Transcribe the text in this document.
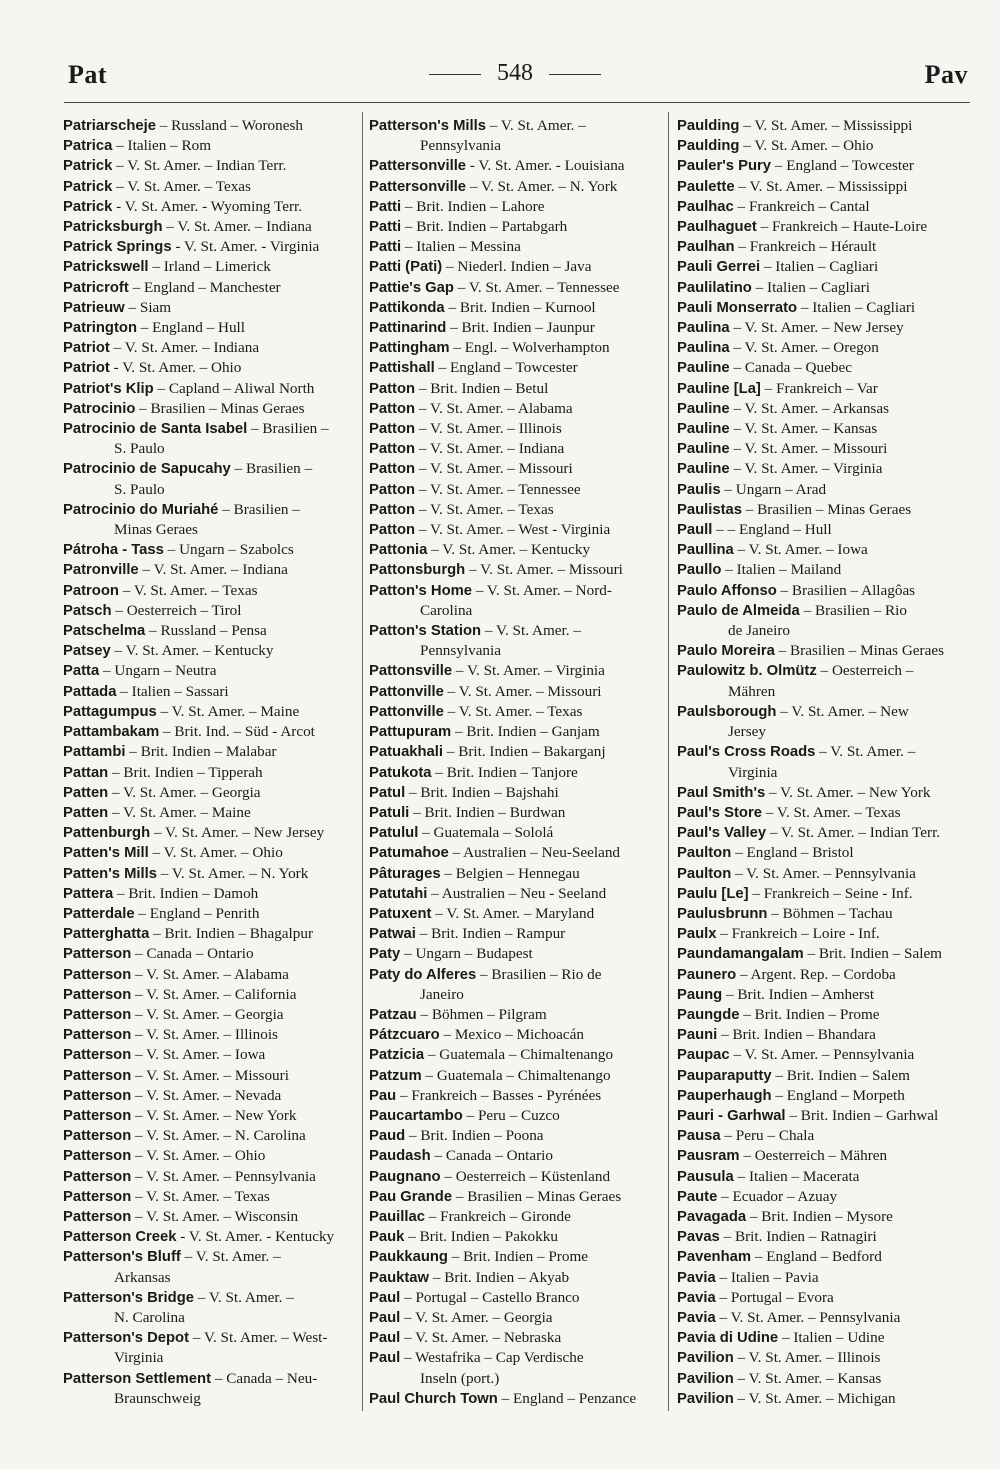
Pat	548	Pav
Patriarscheje – Russland – Woronesh
Patrica – Italien – Rom
Patrick – V. St. Amer. – Indian Terr.
Patrick – V. St. Amer. – Texas
Patrick - V. St. Amer. - Wyoming Terr.
Patricksburgh – V. St. Amer. – Indiana
Patrick Springs - V. St. Amer. - Virginia
Patrickswell – Irland – Limerick
Patricroft – England – Manchester
Patrieuw – Siam
Patrington – England – Hull
Patriot – V. St. Amer. – Indiana
Patriot - V. St. Amer. – Ohio
Patriot's Klip – Capland – Aliwal North
Patrocinio – Brasilien – Minas Geraes
Patrocinio de Santa Isabel – Brasilien –
S. Paulo
Patrocinio de Sapucahy – Brasilien –
S. Paulo
Patrocinio do Muriahé – Brasilien –
Minas Geraes
Pátroha - Tass – Ungarn – Szabolcs
Patronville – V. St. Amer. – Indiana
Patroon – V. St. Amer. – Texas
Patsch – Oesterreich – Tirol
Patschelma – Russland – Pensa
Patsey – V. St. Amer. – Kentucky
Patta – Ungarn – Neutra
Pattada – Italien – Sassari
Pattagumpus – V. St. Amer. – Maine
Pattambakam – Brit. Ind. – Süd - Arcot
Pattambi – Brit. Indien – Malabar
Pattan – Brit. Indien – Tipperah
Patten – V. St. Amer. – Georgia
Patten – V. St. Amer. – Maine
Pattenburgh – V. St. Amer. – New Jersey
Patten's Mill – V. St. Amer. – Ohio
Patten's Mills – V. St. Amer. – N. York
Pattera – Brit. Indien – Damoh
Patterdale – England – Penrith
Patterghatta – Brit. Indien – Bhagalpur
Patterson – Canada – Ontario
Patterson – V. St. Amer. – Alabama
Patterson – V. St. Amer. – California
Patterson – V. St. Amer. – Georgia
Patterson – V. St. Amer. – Illinois
Patterson – V. St. Amer. – Iowa
Patterson – V. St. Amer. – Missouri
Patterson – V. St. Amer. – Nevada
Patterson – V. St. Amer. – New York
Patterson – V. St. Amer. – N. Carolina
Patterson – V. St. Amer. – Ohio
Patterson – V. St. Amer. – Pennsylvania
Patterson – V. St. Amer. – Texas
Patterson – V. St. Amer. – Wisconsin
Patterson Creek - V. St. Amer. - Kentucky
Patterson's Bluff – V. St. Amer. –
Arkansas
Patterson's Bridge – V. St. Amer. –
N. Carolina
Patterson's Depot – V. St. Amer. – West-
Virginia
Patterson Settlement – Canada – Neu-
Braunschweig
Patterson's Mills – V. St. Amer. –
Pennsylvania
Pattersonville - V. St. Amer. - Louisiana
Pattersonville – V. St. Amer. – N. York
Patti – Brit. Indien – Lahore
Patti – Brit. Indien – Partabgarh
Patti – Italien – Messina
Patti (Pati) – Niederl. Indien – Java
Pattie's Gap – V. St. Amer. – Tennessee
Pattikonda – Brit. Indien – Kurnool
Pattinarind – Brit. Indien – Jaunpur
Pattingham – Engl. – Wolverhampton
Pattishall – England – Towcester
Patton – Brit. Indien – Betul
Patton – V. St. Amer. – Alabama
Patton – V. St. Amer. – Illinois
Patton – V. St. Amer. – Indiana
Patton – V. St. Amer. – Missouri
Patton – V. St. Amer. – Tennessee
Patton – V. St. Amer. – Texas
Patton – V. St. Amer. – West - Virginia
Pattonia – V. St. Amer. – Kentucky
Pattonsburgh – V. St. Amer. – Missouri
Patton's Home – V. St. Amer. – Nord-
Carolina
Patton's Station – V. St. Amer. –
Pennsylvania
Pattonsville – V. St. Amer. – Virginia
Pattonville – V. St. Amer. – Missouri
Pattonville – V. St. Amer. – Texas
Pattupuram – Brit. Indien – Ganjam
Patuakhali – Brit. Indien – Bakarganj
Patukota – Brit. Indien – Tanjore
Patul – Brit. Indien – Bajshahi
Patuli – Brit. Indien – Burdwan
Patulul – Guatemala – Sololá
Patumahoe – Australien – Neu-Seeland
Pâturages – Belgien – Hennegau
Patutahi – Australien – Neu - Seeland
Patuxent – V. St. Amer. – Maryland
Patwai – Brit. Indien – Rampur
Paty – Ungarn – Budapest
Paty do Alferes – Brasilien – Rio de
Janeiro
Patzau – Böhmen – Pilgram
Pátzcuaro – Mexico – Michoacán
Patzicia – Guatemala – Chimaltenango
Patzum – Guatemala – Chimaltenango
Pau – Frankreich – Basses - Pyrénées
Paucartambo – Peru – Cuzco
Paud – Brit. Indien – Poona
Paudash – Canada – Ontario
Paugnano – Oesterreich – Küstenland
Pau Grande – Brasilien – Minas Geraes
Pauillac – Frankreich – Gironde
Pauk – Brit. Indien – Pakokku
Paukkaung – Brit. Indien – Prome
Pauktaw – Brit. Indien – Akyab
Paul – Portugal – Castello Branco
Paul – V. St. Amer. – Georgia
Paul – V. St. Amer. – Nebraska
Paul – Westafrika – Cap Verdische
Inseln (port.)
Paul Church Town – England – Penzance
Paulding – V. St. Amer. – Mississippi
Paulding – V. St. Amer. – Ohio
Pauler's Pury – England – Towcester
Paulette – V. St. Amer. – Mississippi
Paulhac – Frankreich – Cantal
Paulhaguet – Frankreich – Haute-Loire
Paulhan – Frankreich – Hérault
Pauli Gerrei – Italien – Cagliari
Paulilatino – Italien – Cagliari
Pauli Monserrato – Italien – Cagliari
Paulina – V. St. Amer. – New Jersey
Paulina – V. St. Amer. – Oregon
Pauline – Canada – Quebec
Pauline [La] – Frankreich – Var
Pauline – V. St. Amer. – Arkansas
Pauline – V. St. Amer. – Kansas
Pauline – V. St. Amer. – Missouri
Pauline – V. St. Amer. – Virginia
Paulis – Ungarn – Arad
Paulistas – Brasilien – Minas Geraes
Paull – – England – Hull
Paullina – V. St. Amer. – Iowa
Paullo – Italien – Mailand
Paulo Affonso – Brasilien – Allagôas
Paulo de Almeida – Brasilien – Rio
de Janeiro
Paulo Moreira – Brasilien – Minas Geraes
Paulowitz b. Olmütz – Oesterreich –
Mähren
Paulsborough – V. St. Amer. – New
Jersey
Paul's Cross Roads – V. St. Amer. –
Virginia
Paul Smith's – V. St. Amer. – New York
Paul's Store – V. St. Amer. – Texas
Paul's Valley – V. St. Amer. – Indian Terr.
Paulton – England – Bristol
Paulton – V. St. Amer. – Pennsylvania
Paulu [Le] – Frankreich – Seine - Inf.
Paulusbrunn – Böhmen – Tachau
Paulx – Frankreich – Loire - Inf.
Paundamangalam – Brit. Indien – Salem
Paunero – Argent. Rep. – Cordoba
Paung – Brit. Indien – Amherst
Paungde – Brit. Indien – Prome
Pauni – Brit. Indien – Bhandara
Paupac – V. St. Amer. – Pennsylvania
Pauparaputty – Brit. Indien – Salem
Pauperhaugh – England – Morpeth
Pauri - Garhwal – Brit. Indien – Garhwal
Pausa – Peru – Chala
Pausram – Oesterreich – Mähren
Pausula – Italien – Macerata
Paute – Ecuador – Azuay
Pavagada – Brit. Indien – Mysore
Pavas – Brit. Indien – Ratnagiri
Pavenham – England – Bedford
Pavia – Italien – Pavia
Pavia – Portugal – Evora
Pavia – V. St. Amer. – Pennsylvania
Pavia di Udine – Italien – Udine
Pavilion – V. St. Amer. – Illinois
Pavilion – V. St. Amer. – Kansas
Pavilion – V. St. Amer. – Michigan
